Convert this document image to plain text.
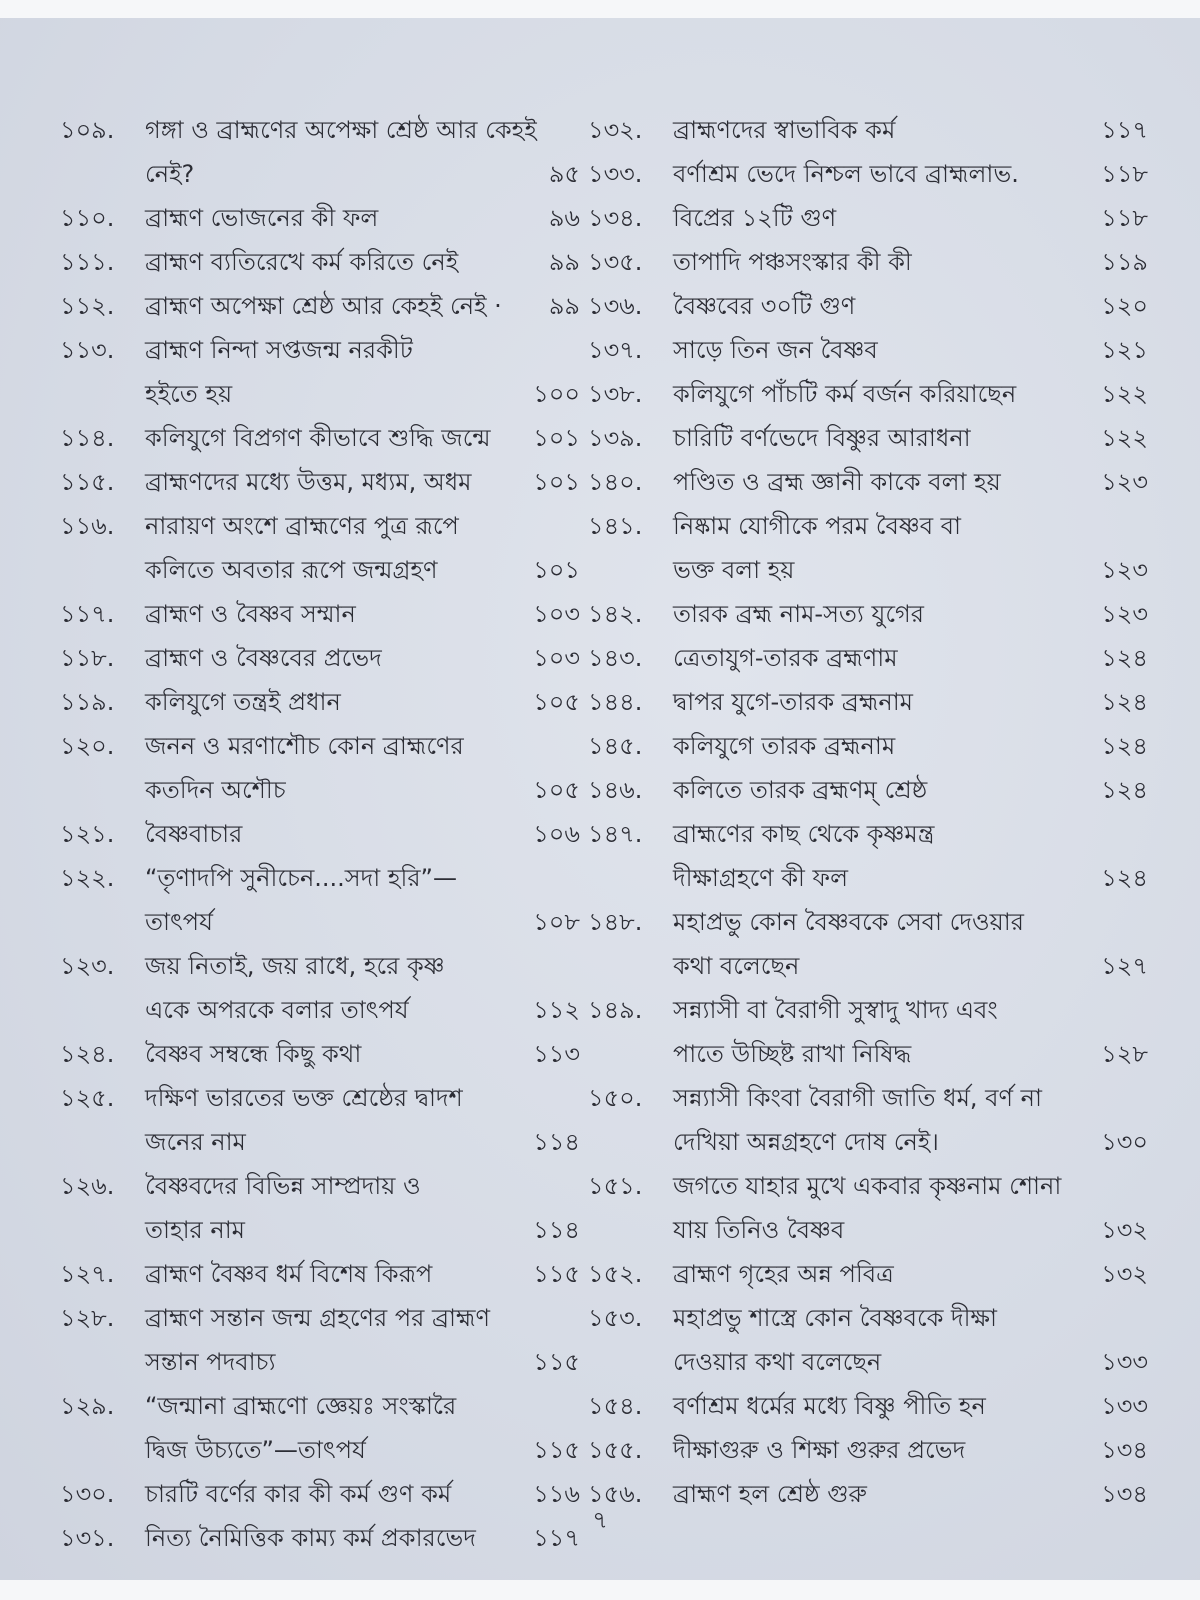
১০৯.	গঙ্গা ও ব্রাহ্মণের অপেক্ষা শ্রেষ্ঠ আর কেহই
নেই?	৯৫
১১০.	ব্রাহ্মণ ভোজনের কী ফল	৯৬
১১১.	ব্রাহ্মণ ব্যতিরেখে কর্ম করিতে নেই	৯৯
১১২.	ব্রাহ্মণ অপেক্ষা শ্রেষ্ঠ আর কেহই নেই ·	৯৯
১১৩.	ব্রাহ্মণ নিন্দা সপ্তজন্ম নরকীট
হইতে হয়	১০০
১১৪.	কলিযুগে বিপ্রগণ কীভাবে শুদ্ধি জন্মে	১০১
১১৫.	ব্রাহ্মণদের মধ্যে উত্তম, মধ্যম, অধম	১০১
১১৬.	নারায়ণ অংশে ব্রাহ্মণের পুত্র রূপে
কলিতে অবতার রূপে জন্মগ্রহণ	১০১
১১৭.	ব্রাহ্মণ ও বৈষ্ণব সম্মান	১০৩
১১৮.	ব্রাহ্মণ ও বৈষ্ণবের প্রভেদ	১০৩
১১৯.	কলিযুগে তন্ত্রই প্রধান	১০৫
১২০.	জনন ও মরণাশৌচ কোন ব্রাহ্মণের
কতদিন অশৌচ	১০৫
১২১.	বৈষ্ণবাচার	১০৬
১২২.	“তৃণাদপি সুনীচেন....সদা হরি”—
তাৎপর্য	১০৮
১২৩.	জয় নিতাই, জয় রাধে, হরে কৃষ্ণ
একে অপরকে বলার তাৎপর্য	১১২
১২৪.	বৈষ্ণব সম্বন্ধে কিছু কথা	১১৩
১২৫.	দক্ষিণ ভারতের ভক্ত শ্রেষ্ঠের দ্বাদশ
জনের নাম	১১৪
১২৬.	বৈষ্ণবদের বিভিন্ন সাম্প্রদায় ও
তাহার নাম	১১৪
১২৭.	ব্রাহ্মণ বৈষ্ণব ধর্ম বিশেষ কিরূপ	১১৫
১২৮.	ব্রাহ্মণ সন্তান জন্ম গ্রহণের পর ব্রাহ্মণ
সন্তান পদবাচ্য	১১৫
১২৯.	“জন্মানা ব্রাহ্মণো জ্ঞেয়ঃ সংস্কারৈ
দ্বিজ উচ্যতে”—তাৎপর্য	১১৫
১৩০.	চারটি বর্ণের কার কী কর্ম গুণ কর্ম	১১৬
১৩১.	নিত্য নৈমিত্তিক কাম্য কর্ম প্রকারভেদ	১১৭
১৩২.	ব্রাহ্মণদের স্বাভাবিক কর্ম	১১৭
১৩৩.	বর্ণাশ্রম ভেদে নিশ্চল ভাবে ব্রাহ্মলাভ.	১১৮
১৩৪.	বিপ্রের ১২টি গুণ	১১৮
১৩৫.	তাপাদি পঞ্চসংস্কার কী কী	১১৯
১৩৬.	বৈষ্ণবের ৩০টি গুণ	১২০
১৩৭.	সাড়ে তিন জন বৈষ্ণব	১২১
১৩৮.	কলিযুগে পাঁচটি কর্ম বর্জন করিয়াছেন	১২২
১৩৯.	চারিটি বর্ণভেদে বিষ্ণুর আরাধনা	১২২
১৪০.	পণ্ডিত ও ব্রহ্ম জ্ঞানী কাকে বলা হয়	১২৩
১৪১.	নিষ্কাম যোগীকে পরম বৈষ্ণব বা
ভক্ত বলা হয়	১২৩
১৪২.	তারক ব্রহ্ম নাম-সত্য যুগের	১২৩
১৪৩.	ত্রেতাযুগ-তারক ব্রহ্মণাম	১২৪
১৪৪.	দ্বাপর যুগে-তারক ব্রহ্মনাম	১২৪
১৪৫.	কলিযুগে তারক ব্রহ্মনাম	১২৪
১৪৬.	কলিতে তারক ব্রহ্মণম্ শ্রেষ্ঠ	১২৪
১৪৭.	ব্রাহ্মণের কাছ থেকে কৃষ্ণমন্ত্র
দীক্ষাগ্রহণে কী ফল	১২৪
১৪৮.	মহাপ্রভু কোন বৈষ্ণবকে সেবা দেওয়ার
কথা বলেছেন	১২৭
১৪৯.	সন্ন্যাসী বা বৈরাগী সুস্বাদু খাদ্য এবং
পাতে উচ্ছিষ্ট রাখা নিষিদ্ধ	১২৮
১৫০.	সন্ন্যাসী কিংবা বৈরাগী জাতি ধর্ম, বর্ণ না
দেখিয়া অন্নগ্রহণে দোষ নেই।	১৩০
১৫১.	জগতে যাহার মুখে একবার কৃষ্ণনাম শোনা
যায় তিনিও বৈষ্ণব	১৩২
১৫২.	ব্রাহ্মণ গৃহের অন্ন পবিত্র	১৩২
১৫৩.	মহাপ্রভু শাস্ত্রে কোন বৈষ্ণবকে দীক্ষা
দেওয়ার কথা বলেছেন	১৩৩
১৫৪.	বর্ণাশ্রম ধর্মের মধ্যে বিষ্ণু পীতি হন	১৩৩
১৫৫.	দীক্ষাগুরু ও শিক্ষা গুরুর প্রভেদ	১৩৪
১৫৬.	ব্রাহ্মণ হল শ্রেষ্ঠ গুরু	১৩৪
৭
